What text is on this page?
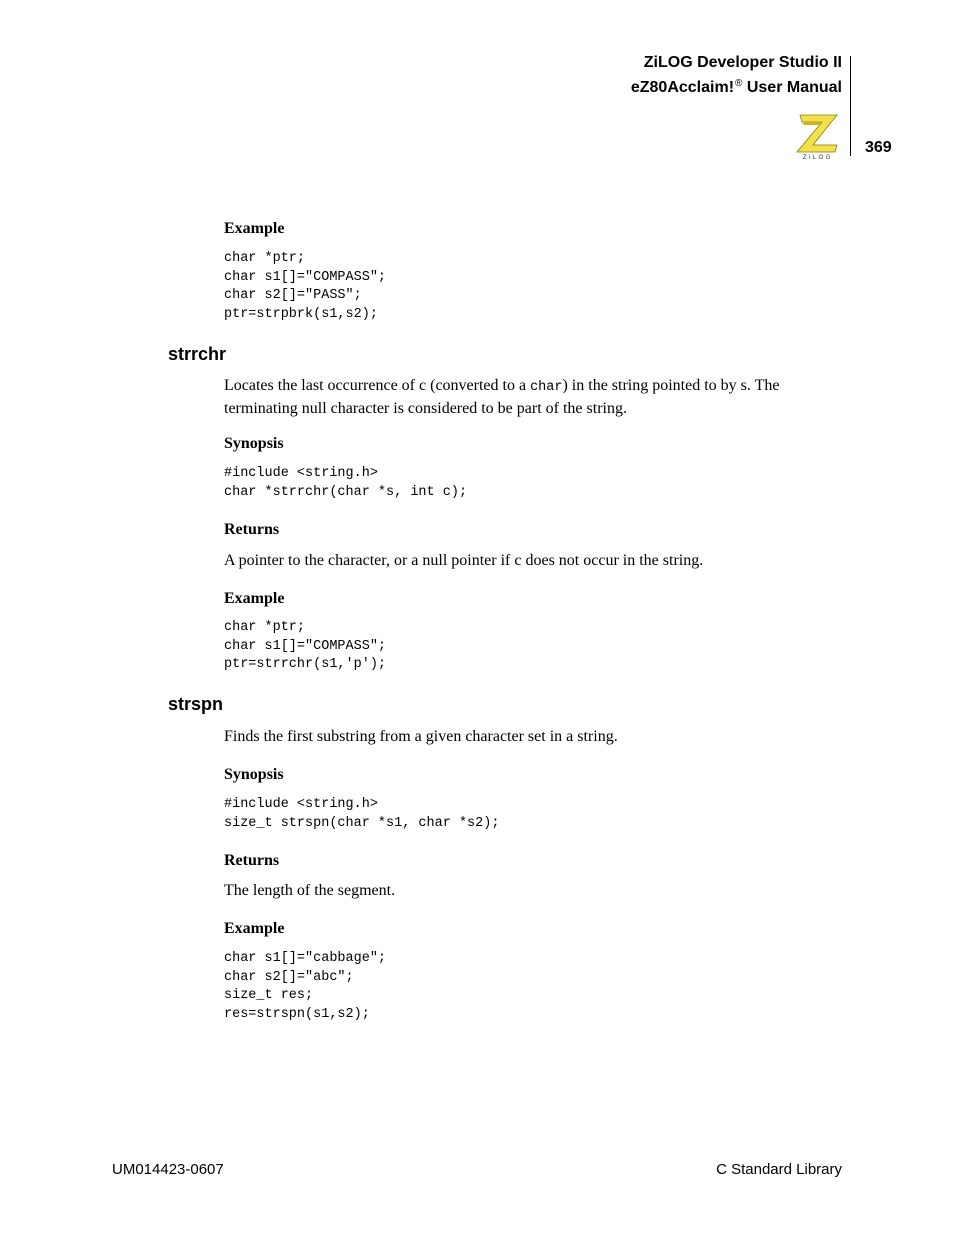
ZiLOG Developer Studio II
eZ80Acclaim!® User Manual
ZiLOG
369
Example
char *ptr;
char s1[]="COMPASS";
char s2[]="PASS";
ptr=strpbrk(s1,s2);
strrchr
Locates the last occurrence of c (converted to a char) in the string pointed to by s. The terminating null character is considered to be part of the string.
Synopsis
#include <string.h>
char *strrchr(char *s, int c);
Returns
A pointer to the character, or a null pointer if c does not occur in the string.
Example
char *ptr;
char s1[]="COMPASS";
ptr=strrchr(s1,'p');
strspn
Finds the first substring from a given character set in a string.
Synopsis
#include <string.h>
size_t strspn(char *s1, char *s2);
Returns
The length of the segment.
Example
char s1[]="cabbage";
char s2[]="abc";
size_t res;
res=strspn(s1,s2);
UM014423-0607	C Standard Library
